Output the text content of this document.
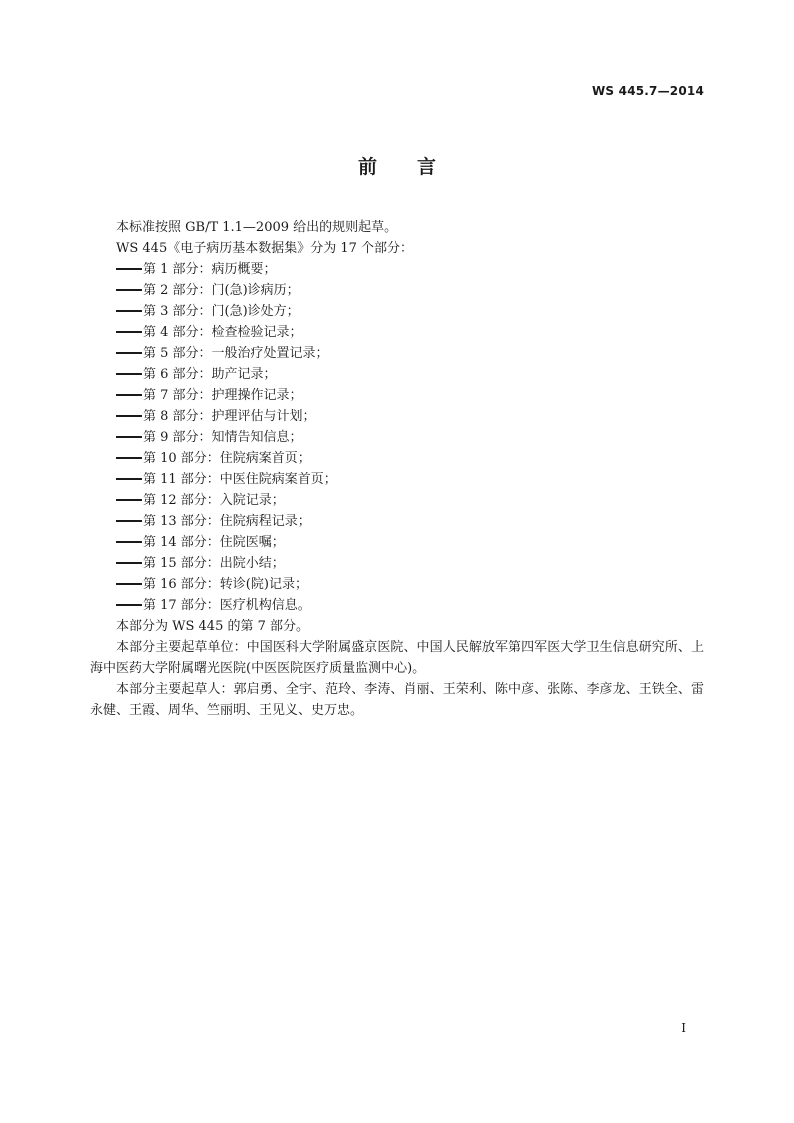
WS 445.7—2014
前 言

本标准按照 GB/T 1.1—2009 给出的规则起草。

WS 445《电子病历基本数据集》分为 17 个部分：

第 1 部分：病历概要；
第 2 部分：门(急)诊病历；
第 3 部分：门(急)诊处方；
第 4 部分：检查检验记录；
第 5 部分：一般治疗处置记录；
第 6 部分：助产记录；
第 7 部分：护理操作记录；
第 8 部分：护理评估与计划；
第 9 部分：知情告知信息；
第 10 部分：住院病案首页；
第 11 部分：中医住院病案首页；
第 12 部分：入院记录；
第 13 部分：住院病程记录；
第 14 部分：住院医嘱；
第 15 部分：出院小结；
第 16 部分：转诊(院)记录；
第 17 部分：医疗机构信息。

本部分为 WS 445 的第 7 部分。

本部分主要起草单位：中国医科大学附属盛京医院、中国人民解放军第四军医大学卫生信息研究所、上海中医药大学附属曙光医院(中医医院医疗质量监测中心)。

本部分主要起草人：郭启勇、全宇、范玲、李涛、肖丽、王荣利、陈中彦、张陈、李彦龙、王铁全、雷永健、王霞、周华、竺丽明、王见义、史万忠。

I
